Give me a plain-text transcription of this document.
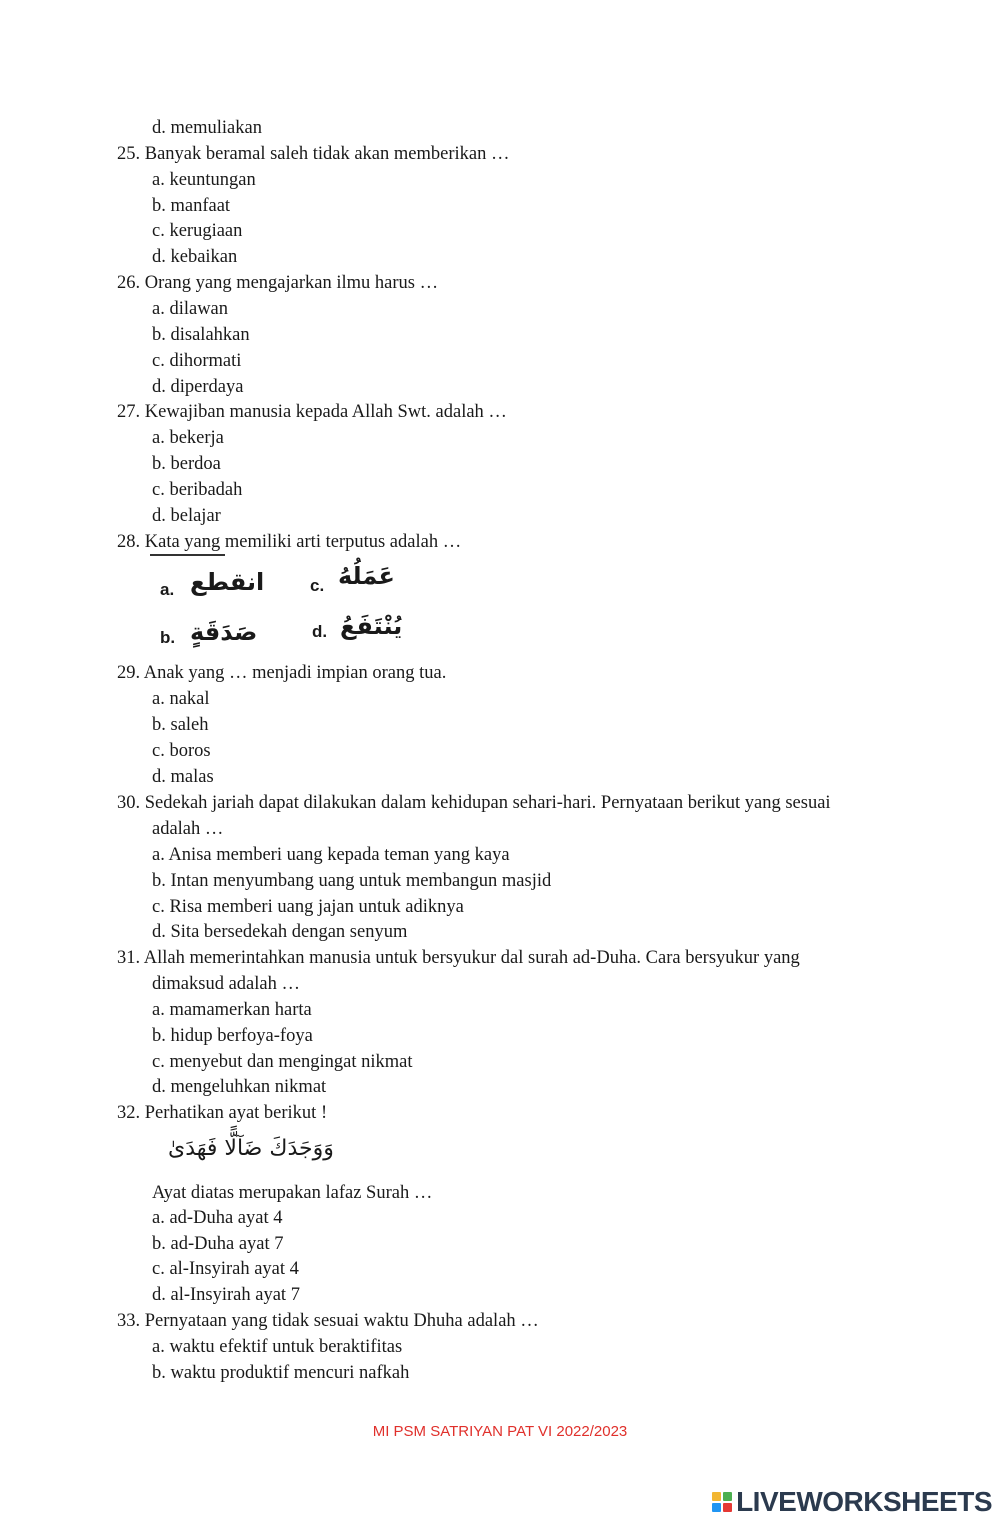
d. memuliakan
25. Banyak beramal saleh tidak akan memberikan …
a. keuntungan
b. manfaat
c. kerugiaan
d. kebaikan
26. Orang yang mengajarkan ilmu harus …
a. dilawan
b. disalahkan
c. dihormati
d. diperdaya
27. Kewajiban manusia kepada Allah Swt. adalah …
a. bekerja
b. berdoa
c. beribadah
d. belajar
28. Kata yang memiliki arti terputus adalah …
a. انقطع	c. عَمَلُهُ
b. صَدَقَةٍ	d. يُنْتَفَعُ
29. Anak yang … menjadi impian orang tua.
a. nakal
b. saleh
c. boros
d. malas
30. Sedekah jariah dapat dilakukan dalam kehidupan sehari-hari. Pernyataan berikut yang sesuai
adalah …
a. Anisa memberi uang kepada teman yang kaya
b. Intan menyumbang uang untuk membangun masjid
c. Risa memberi uang jajan untuk adiknya
d. Sita bersedekah dengan senyum
31. Allah memerintahkan manusia untuk bersyukur dal surah ad-Duha. Cara bersyukur yang
dimaksud adalah …
a. mamamerkan harta
b. hidup berfoya-foya
c. menyebut dan mengingat nikmat
d. mengeluhkan nikmat
32. Perhatikan ayat berikut !
وَوَجَدَكَ ضَآلًّا فَهَدَىٰ
Ayat diatas merupakan lafaz Surah …
a. ad-Duha ayat 4
b. ad-Duha ayat 7
c. al-Insyirah ayat 4
d. al-Insyirah ayat 7
33. Pernyataan yang tidak sesuai waktu Dhuha adalah …
a. waktu efektif untuk beraktifitas
b. waktu produktif mencuri nafkah
MI PSM SATRIYAN PAT VI 2022/2023
LIVEWORKSHEETS
